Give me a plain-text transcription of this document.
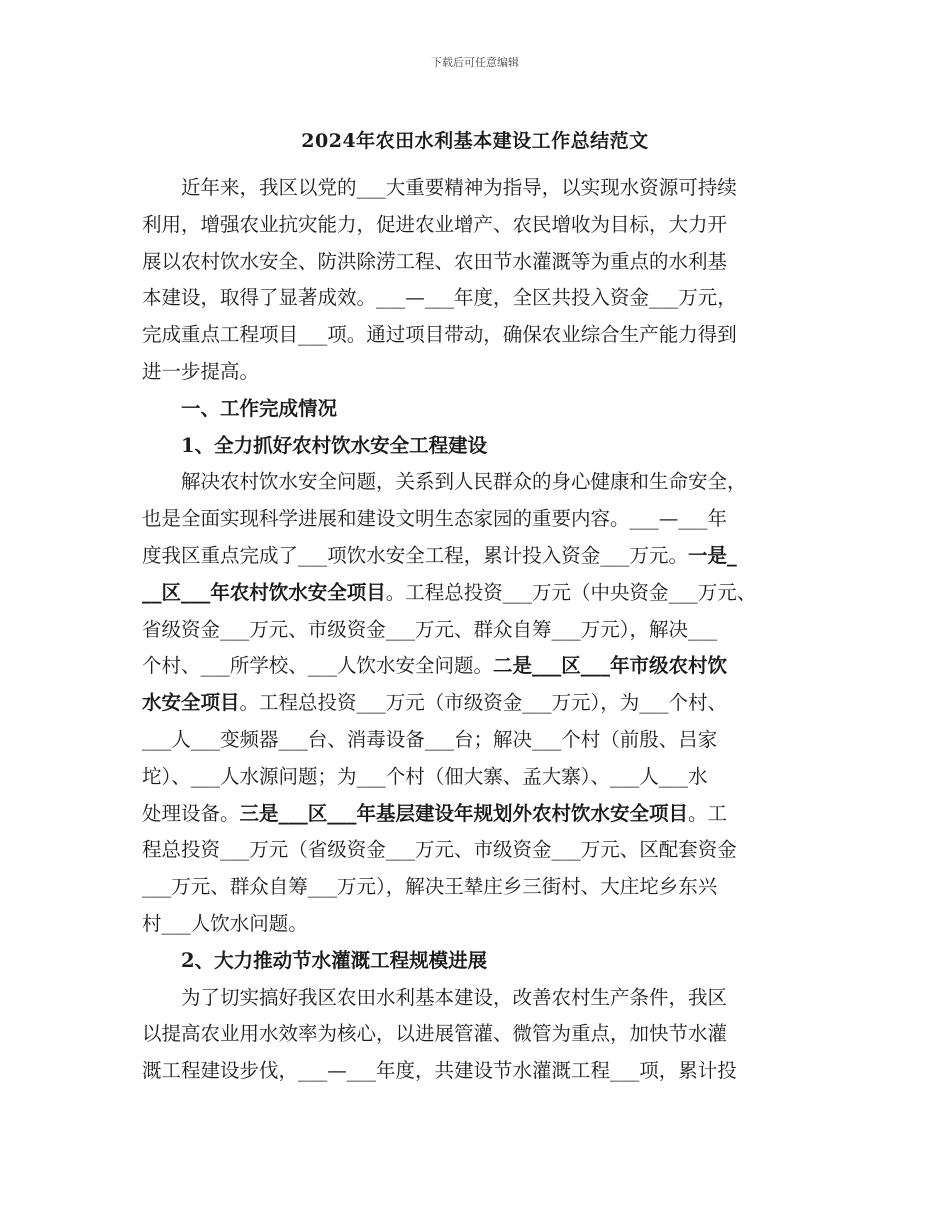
下载后可任意编辑
2024年农田水利基本建设工作总结范文
近年来，我区以党的___大重要精神为指导，以实现水资源可持续
利用，增强农业抗灾能力，促进农业增产、农民增收为目标，大力开
展以农村饮水安全、防洪除涝工程、农田节水灌溉等为重点的水利基
本建设，取得了显著成效。___—___年度，全区共投入资金___万元，
完成重点工程项目___项。通过项目带动，确保农业综合生产能力得到
进一步提高。
一、工作完成情况
1、全力抓好农村饮水安全工程建设
解决农村饮水安全问题，关系到人民群众的身心健康和生命安全，
也是全面实现科学进展和建设文明生态家园的重要内容。___—___年
度我区重点完成了___项饮水安全工程，累计投入资金___万元。一是_
__区___年农村饮水安全项目。工程总投资___万元（中央资金___万元、
省级资金___万元、市级资金___万元、群众自筹___万元），解决___
个村、___所学校、___人饮水安全问题。二是___区___年市级农村饮
水安全项目。工程总投资___万元（市级资金___万元），为___个村、
___人___变频器___台、消毒设备___台；解决___个村（前殷、吕家
坨）、___人水源问题；为___个村（佃大寨、孟大寨）、___人___水
处理设备。三是___区___年基层建设年规划外农村饮水安全项目。工
程总投资___万元（省级资金___万元、市级资金___万元、区配套资金
___万元、群众自筹___万元），解决王辇庄乡三街村、大庄坨乡东兴
村___人饮水问题。
2、大力推动节水灌溉工程规模进展
为了切实搞好我区农田水利基本建设，改善农村生产条件，我区
以提高农业用水效率为核心，以进展管灌、微管为重点，加快节水灌
溉工程建设步伐，___—___年度，共建设节水灌溉工程___项，累计投
